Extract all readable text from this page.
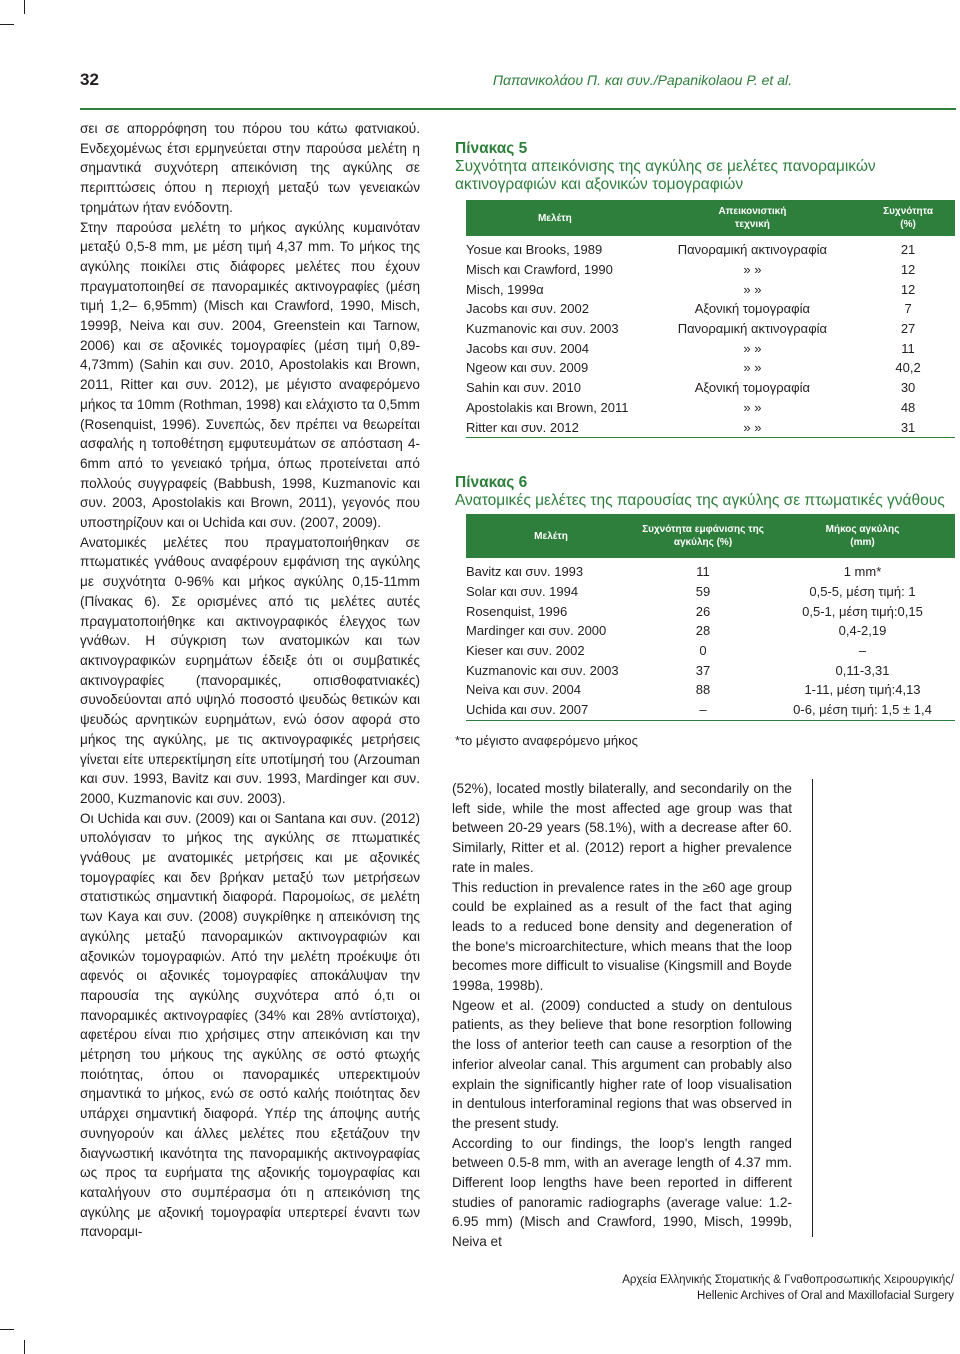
32	Παπανικολάου Π. και συν./Papanikolaou P. et al.

σει σε απορρόφηση του πόρου του κάτω φατνιακού. Ενδεχομένως έτσι ερμηνεύεται στην παρούσα μελέτη η σημαντικά συχνότερη απεικόνιση της αγκύλης σε περιπτώσεις όπου η περιοχή μεταξύ των γενειακών τρημάτων ήταν ενόδοντη.

Στην παρούσα μελέτη το μήκος αγκύλης κυμαινόταν μεταξύ 0,5-8 mm, με μέση τιμή 4,37 mm. Το μήκος της αγκύλης ποικίλει στις διάφορες μελέτες που έχουν πραγματοποιηθεί σε πανοραμικές ακτινογραφίες (μέση τιμή 1,2– 6,95mm) (Misch και Crawford, 1990, Misch, 1999β, Neiva και συν. 2004, Greenstein και Tarnow, 2006) και σε αξονικές τομογραφίες (μέση τιμή 0,89-4,73mm) (Sahin και συν. 2010, Apostolakis και Brown, 2011, Ritter και συν. 2012), με μέγιστο αναφερόμενο μήκος τα 10mm (Rothman, 1998) και ελάχιστο τα 0,5mm (Rosenquist, 1996). Συνεπώς, δεν πρέπει να θεωρείται ασφαλής η τοποθέτηση εμφυτευμάτων σε απόσταση 4-6mm από το γενειακό τρήμα, όπως προτείνεται από πολλούς συγγραφείς (Babbush, 1998, Kuzmanovic και συν. 2003, Apostolakis και Brown, 2011), γεγονός που υποστηρίζουν και οι Uchida και συν. (2007, 2009).

Ανατομικές μελέτες που πραγματοποιήθηκαν σε πτωματικές γνάθους αναφέρουν εμφάνιση της αγκύλης με συχνότητα 0-96% και μήκος αγκύλης 0,15-11mm (Πίνακας 6). Σε ορισμένες από τις μελέτες αυτές πραγματοποιήθηκε και ακτινογραφικός έλεγχος των γνάθων. Η σύγκριση των ανατομικών και των ακτινογραφικών ευρημάτων έδειξε ότι οι συμβατικές ακτινογραφίες (πανοραμικές, οπισθοφατνιακές) συνοδεύονται από υψηλό ποσοστό ψευδώς θετικών και ψευδώς αρνητικών ευρημάτων, ενώ όσον αφορά στο μήκος της αγκύλης, με τις ακτινογραφικές μετρήσεις γίνεται είτε υπερεκτίμηση είτε υποτίμησή του (Arzouman και συν. 1993, Bavitz και συν. 1993, Mardinger και συν. 2000, Kuzmanovic και συν. 2003).

Οι Uchida και συν. (2009) και οι Santana και συν. (2012) υπολόγισαν το μήκος της αγκύλης σε πτωματικές γνάθους με ανατομικές μετρήσεις και με αξονικές τομογραφίες και δεν βρήκαν μεταξύ των μετρήσεων στατιστικώς σημαντική διαφορά. Παρομοίως, σε μελέτη των Kaya και συν. (2008) συγκρίθηκε η απεικόνιση της αγκύλης μεταξύ πανοραμικών ακτινογραφιών και αξονικών τομογραφιών. Από την μελέτη προέκυψε ότι αφενός οι αξονικές τομογραφίες αποκάλυψαν την παρουσία της αγκύλης συχνότερα από ό,τι οι πανοραμικές ακτινογραφίες (34% και 28% αντίστοιχα), αφετέρου είναι πιο χρήσιμες στην απεικόνιση και την μέτρηση του μήκους της αγκύλης σε οστό φτωχής ποιότητας, όπου οι πανοραμικές υπερεκτιμούν σημαντικά το μήκος, ενώ σε οστό καλής ποιότητας δεν υπάρχει σημαντική διαφορά. Υπέρ της άποψης αυτής συνηγορούν και άλλες μελέτες που εξετάζουν την διαγνωστική ικανότητα της πανοραμικής ακτινογραφίας ως προς τα ευρήματα της αξονικής τομογραφίας και καταλήγουν στο συμπέρασμα ότι η απεικόνιση της αγκύλης με αξονική τομογραφία υπερτερεί έναντι των πανοραμι-

Πίνακας 5
Συχνότητα απεικόνισης της αγκύλης σε μελέτες πανοραμικών ακτινογραφιών και αξονικών τομογραφιών
Μελέτη	Απεικονιστική τεχνική	Συχνότητα (%)
Yosue και Brooks, 1989	Πανοραμική ακτινογραφία	21
Misch και Crawford, 1990	» »	12
Misch, 1999α	» »	12
Jacobs και συν. 2002	Αξονική τομογραφία	7
Kuzmanovic και συν. 2003	Πανοραμική ακτινογραφία	27
Jacobs και συν. 2004	» »	11
Ngeow και συν. 2009	» »	40,2
Sahin και συν. 2010	Αξονική τομογραφία	30
Apostolakis και Brown, 2011	» »	48
Ritter και συν. 2012	» »	31
Πίνακας 6
Ανατομικές μελέτες της παρουσίας της αγκύλης σε πτωματικές γνάθους
Μελέτη	Συχνότητα εμφάνισης της αγκύλης (%)	Μήκος αγκύλης (mm)
Bavitz και συν. 1993	11	1 mm*
Solar και συν. 1994	59	0,5-5, μέση τιμή: 1
Rosenquist, 1996	26	0,5-1, μέση τιμή:0,15
Mardinger και συν. 2000	28	0,4-2,19
Kieser και συν. 2002	0	–
Kuzmanovic και συν. 2003	37	0,11-3,31
Neiva και συν. 2004	88	1-11, μέση τιμή:4,13
Uchida και συν. 2007	–	0-6, μέση τιμή: 1,5 ± 1,4
*το μέγιστο αναφερόμενο μήκος

(52%), located mostly bilaterally, and secondarily on the left side, while the most affected age group was that between 20-29 years (58.1%), with a decrease after 60. Similarly, Ritter et al. (2012) report a higher prevalence rate in males.

This reduction in prevalence rates in the ≥60 age group could be explained as a result of the fact that aging leads to a reduced bone density and degeneration of the bone's microarchitecture, which means that the loop becomes more difficult to visualise (Kingsmill and Boyde 1998a, 1998b).

Ngeow et al. (2009) conducted a study on dentulous patients, as they believe that bone resorption following the loss of anterior teeth can cause a resorption of the inferior alveolar canal. This argument can probably also explain the significantly higher rate of loop visualisation in dentulous interforaminal regions that was observed in the present study.

According to our findings, the loop's length ranged between 0.5-8 mm, with an average length of 4.37 mm. Different loop lengths have been reported in different studies of panoramic radiographs (average value: 1.2-6.95 mm) (Misch and Crawford, 1990, Misch, 1999b, Neiva et

Αρχεία Ελληνικής Στοματικής & Γναθοπροσωπικής Χειρουργικής/
Hellenic Archives of Oral and Maxillofacial Surgery
